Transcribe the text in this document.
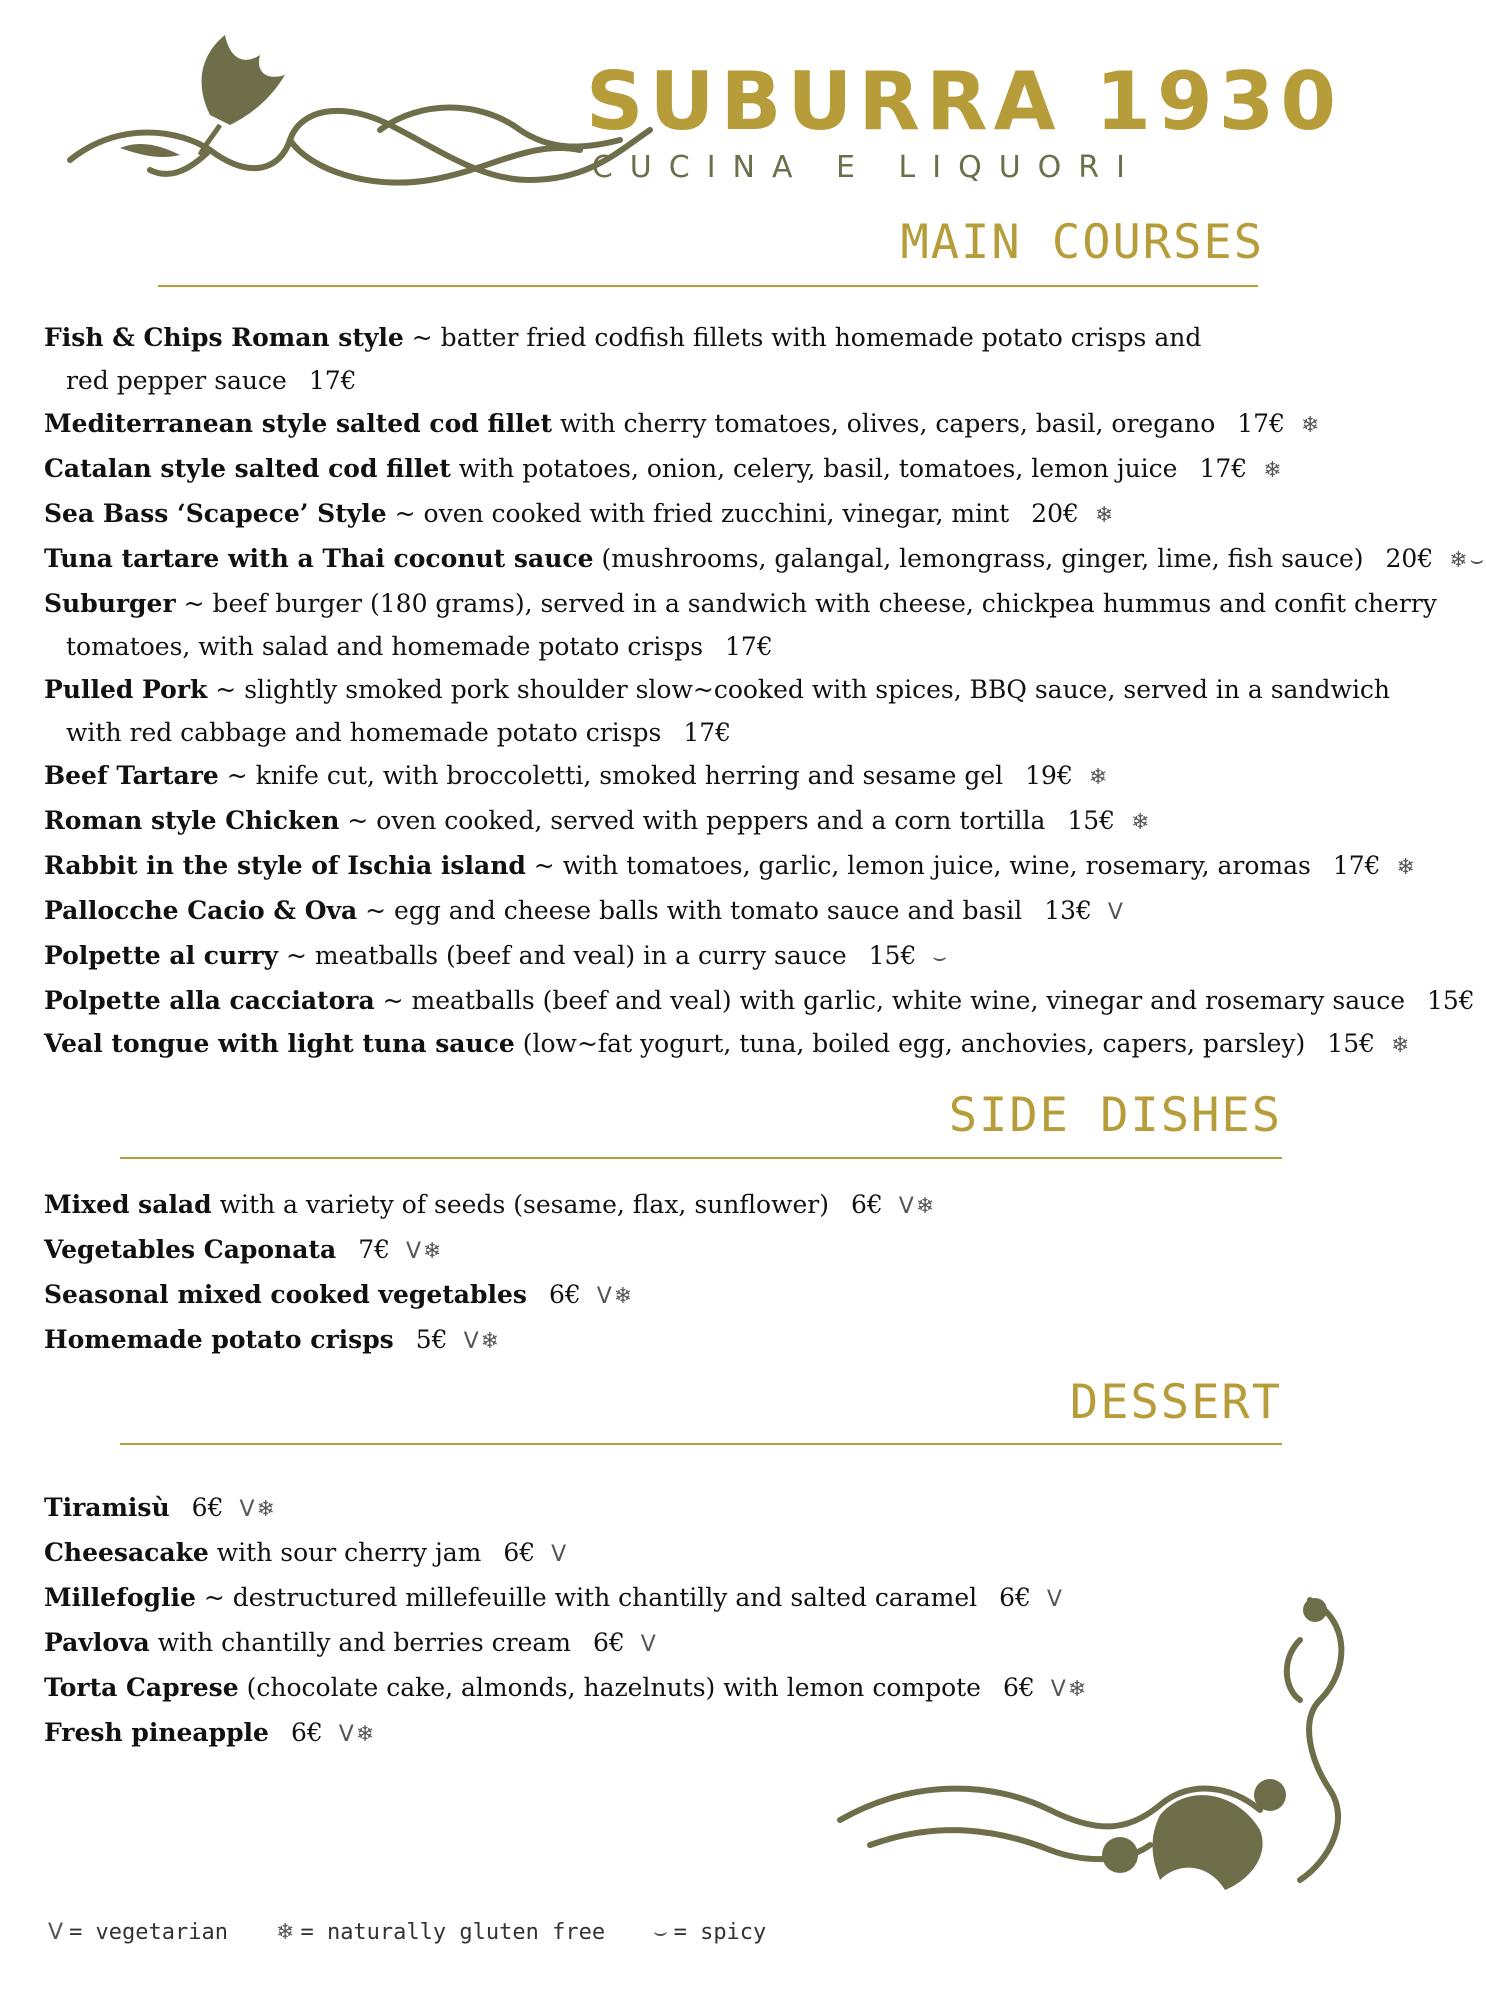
SUBURRA 1930
CUCINA E LIQUORI
MAIN COURSES
Fish & Chips Roman style ~ batter fried codfish fillets with homemade potato crisps and
red pepper sauce 17€
Mediterranean style salted cod fillet with cherry tomatoes, olives, capers, basil, oregano 17€ ❄
Catalan style salted cod fillet with potatoes, onion, celery, basil, tomatoes, lemon juice 17€ ❄
Sea Bass ‘Scapece’ Style ~ oven cooked with fried zucchini, vinegar, mint 20€ ❄
Tuna tartare with a Thai coconut sauce (mushrooms, galangal, lemongrass, ginger, lime, fish sauce) 20€ ❄⌣
Suburger ~ beef burger (180 grams), served in a sandwich with cheese, chickpea hummus and confit cherry
tomatoes, with salad and homemade potato crisps 17€
Pulled Pork ~ slightly smoked pork shoulder slow~cooked with spices, BBQ sauce, served in a sandwich
with red cabbage and homemade potato crisps 17€
Beef Tartare ~ knife cut, with broccoletti, smoked herring and sesame gel 19€ ❄
Roman style Chicken ~ oven cooked, served with peppers and a corn tortilla 15€ ❄
Rabbit in the style of Ischia island ~ with tomatoes, garlic, lemon juice, wine, rosemary, aromas 17€ ❄
Pallocche Cacio & Ova ~ egg and cheese balls with tomato sauce and basil 13€ V
Polpette al curry ~ meatballs (beef and veal) in a curry sauce 15€ ⌣
Polpette alla cacciatora ~ meatballs (beef and veal) with garlic, white wine, vinegar and rosemary sauce 15€
Veal tongue with light tuna sauce (low~fat yogurt, tuna, boiled egg, anchovies, capers, parsley) 15€ ❄
SIDE DISHES
Mixed salad with a variety of seeds (sesame, flax, sunflower) 6€ V❄
Vegetables Caponata 7€ V❄
Seasonal mixed cooked vegetables 6€ V❄
Homemade potato crisps 5€ V❄
DESSERT
Tiramisù 6€ V❄
Cheesacake with sour cherry jam 6€ V
Millefoglie ~ destructured millefeuille with chantilly and salted caramel 6€ V
Pavlova with chantilly and berries cream 6€ V
Torta Caprese (chocolate cake, almonds, hazelnuts) with lemon compote 6€ V❄
Fresh pineapple 6€ V❄
V = vegetarian ❄ = naturally gluten free ⌣ = spicy
